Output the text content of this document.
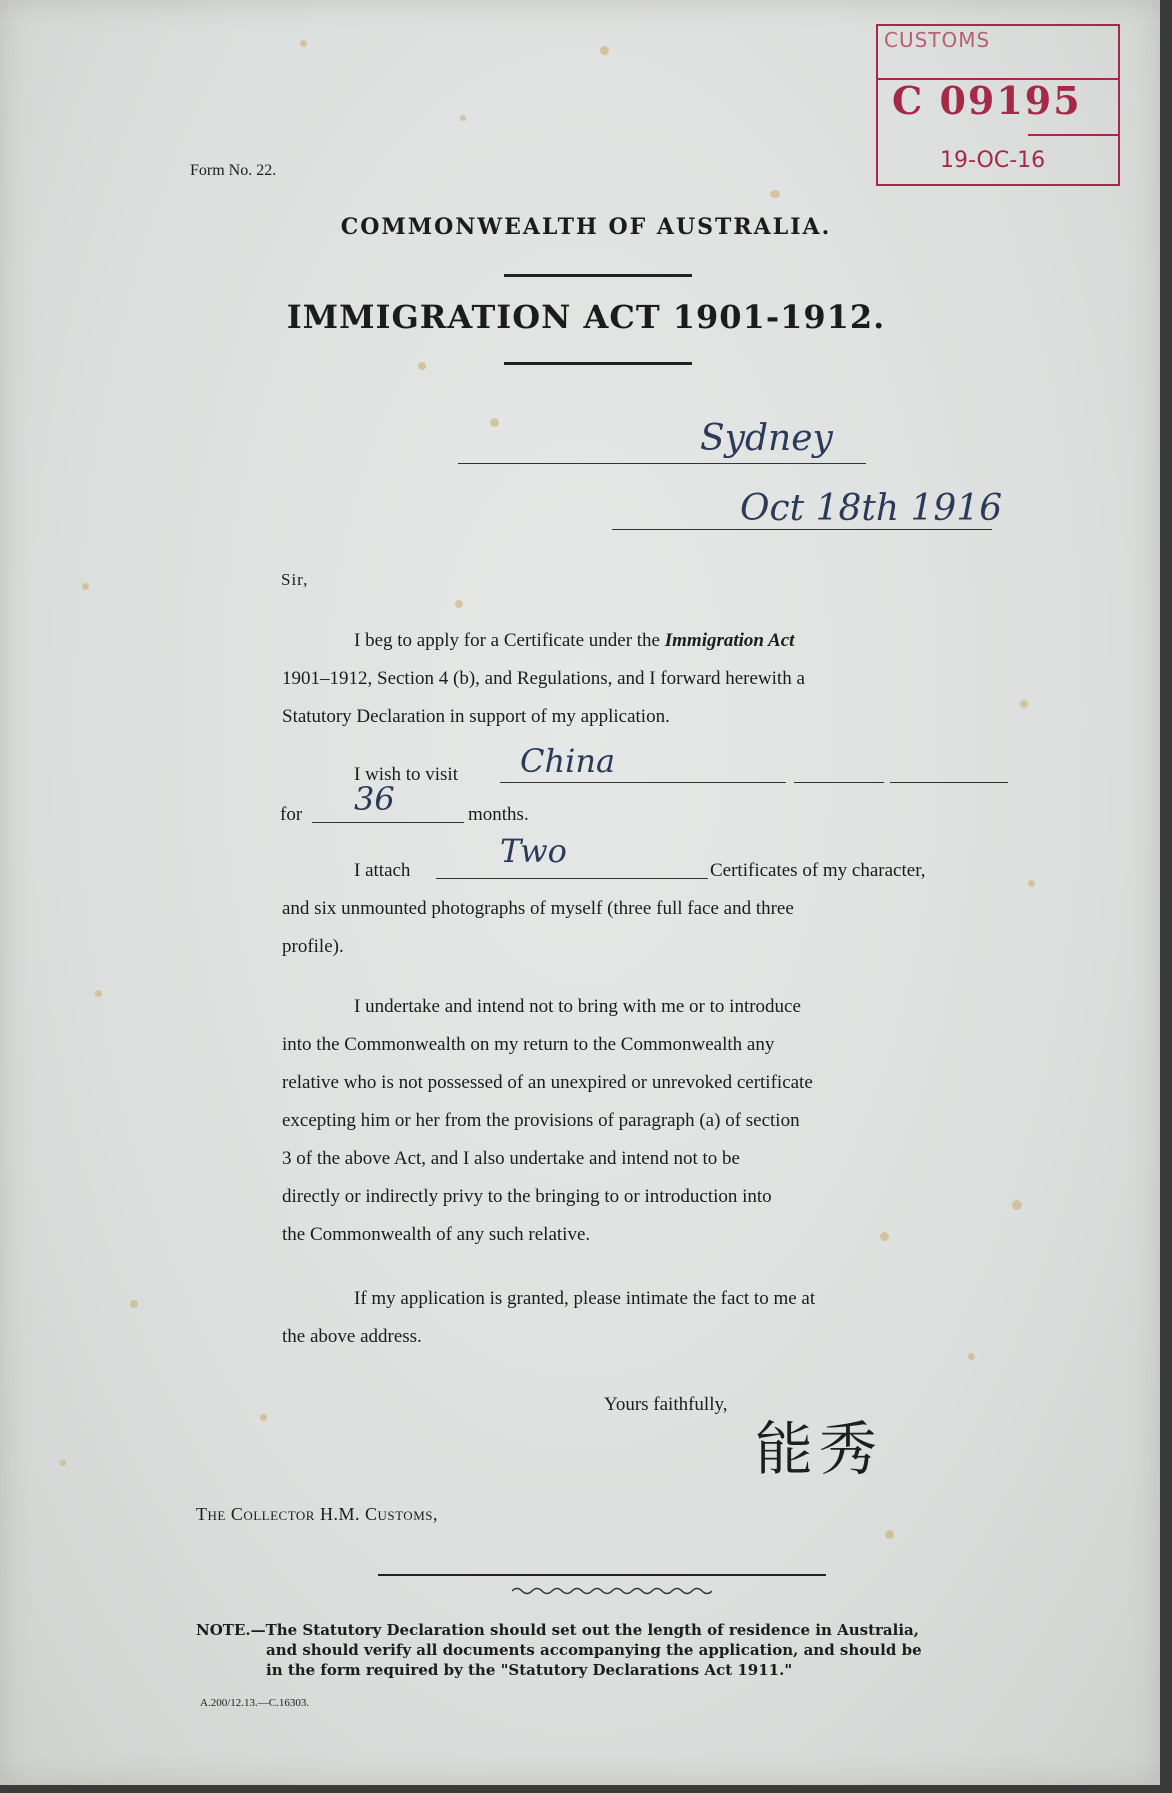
CUSTOMS
C 09195
19-OC-16
Form No. 22.
COMMONWEALTH OF AUSTRALIA.
IMMIGRATION ACT 1901-1912.
Sydney
Oct 18th 1916
Sir,
I beg to apply for a Certificate under the Immigration Act
1901–1912, Section 4 (b), and Regulations, and I forward herewith a
Statutory Declaration in support of my application.
I wish to visit China
for 36	months.
I attach
Two
Certificates of my character,
and six unmounted photographs of myself (three full face and three
profile).
I undertake and intend not to bring with me or to introduce
into the Commonwealth on my return to the Commonwealth any
relative who is not possessed of an unexpired or unrevoked certificate
excepting him or her from the provisions of paragraph (a) of section
3 of the above Act, and I also undertake and intend not to be
directly or indirectly privy to the bringing to or introduction into
the Commonwealth of any such relative.
If my application is granted, please intimate the fact to me at
the above address.
Yours faithfully,
能秀
The Collector H.M. Customs,
NOTE.—The Statutory Declaration should set out the length of residence in Australia,
and should verify all documents accompanying the application, and should be
in the form required by the "Statutory Declarations Act 1911."
A.200/12.13.—C.16303.
